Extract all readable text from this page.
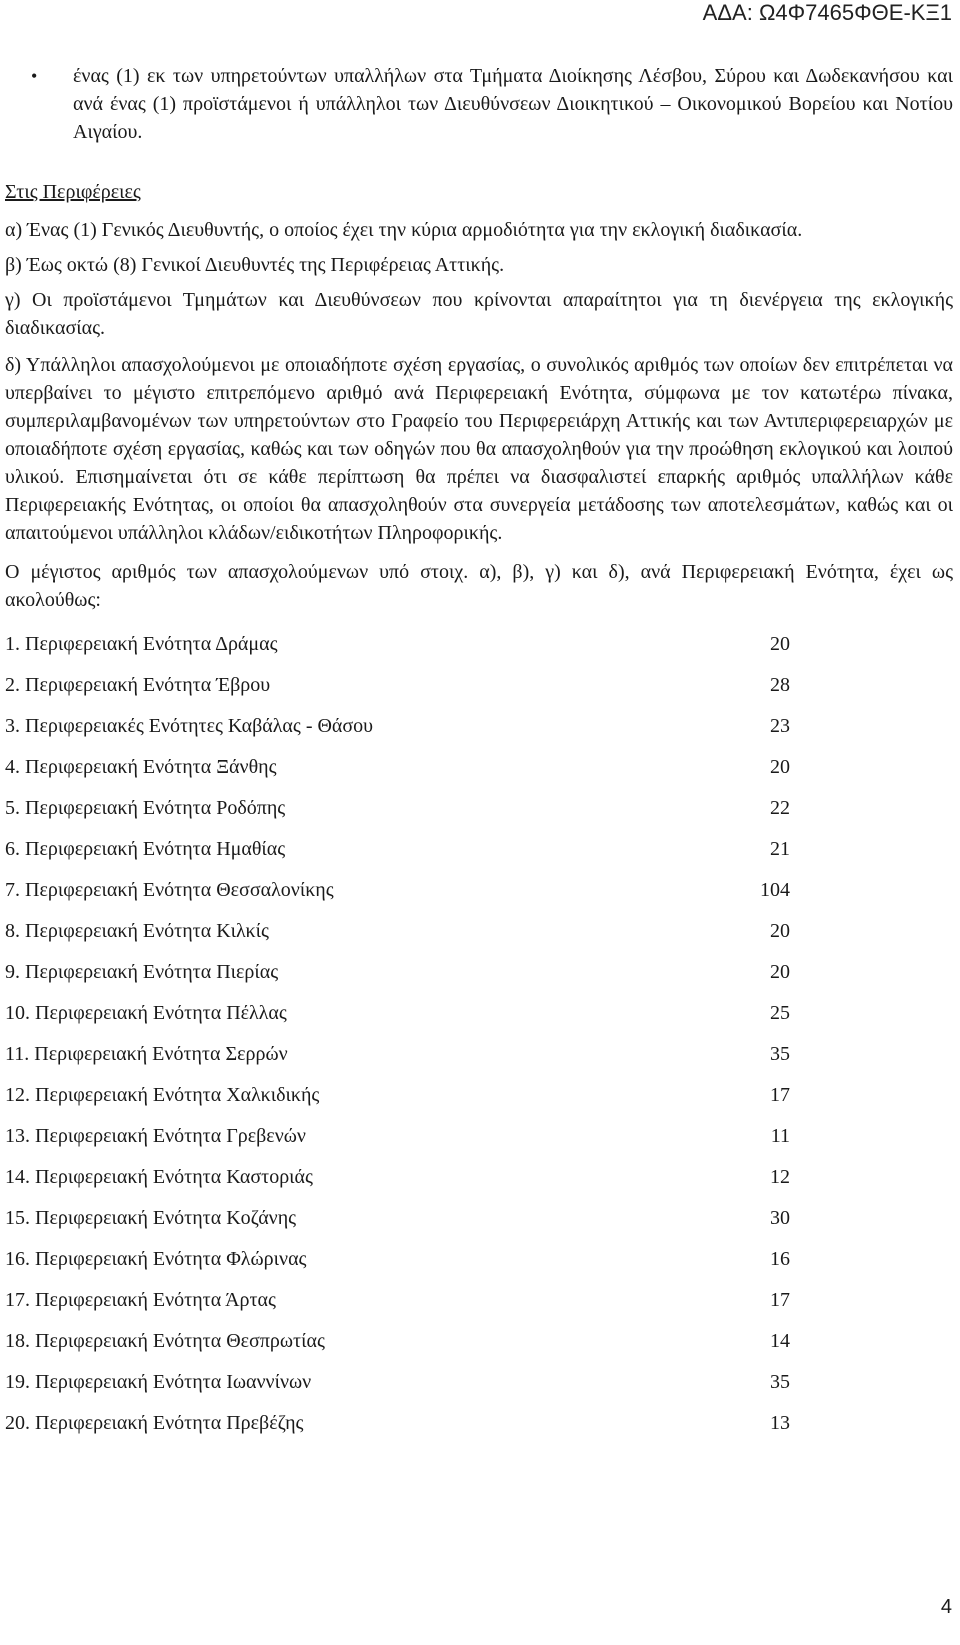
ΑΔΑ: Ω4Φ7465ΦΘΕ-ΚΞ1
•	ένας (1) εκ των υπηρετούντων υπαλλήλων στα Τμήματα Διοίκησης Λέσβου, Σύρου και Δωδεκανήσου και ανά ένας (1) προϊστάμενοι ή υπάλληλοι των Διευθύνσεων Διοικητικού – Οικονομικού Βορείου και Νοτίου Αιγαίου.
Στις Περιφέρειες

α) Ένας (1) Γενικός Διευθυντής, ο οποίος έχει την κύρια αρμοδιότητα για την εκλογική διαδικασία.

β) Έως οκτώ (8) Γενικοί Διευθυντές της Περιφέρειας Αττικής.

γ) Οι προϊστάμενοι Τμημάτων και Διευθύνσεων που κρίνονται απαραίτητοι για τη διενέργεια της εκλογικής διαδικασίας.

δ) Υπάλληλοι απασχολούμενοι με οποιαδήποτε σχέση εργασίας, ο συνολικός αριθμός των οποίων δεν επιτρέπεται να υπερβαίνει το μέγιστο επιτρεπόμενο αριθμό ανά Περιφερειακή Ενότητα, σύμφωνα με τον κατωτέρω πίνακα, συμπεριλαμβανομένων των υπηρετούντων στο Γραφείο του Περιφερειάρχη Αττικής και των Αντιπεριφερειαρχών με οποιαδήποτε σχέση εργασίας, καθώς και των οδηγών που θα απασχοληθούν για την προώθηση εκλογικού και λοιπού υλικού. Επισημαίνεται ότι σε κάθε περίπτωση θα πρέπει να διασφαλιστεί επαρκής αριθμός υπαλλήλων κάθε Περιφερειακής Ενότητας, οι οποίοι θα απασχοληθούν στα συνεργεία μετάδοσης των αποτελεσμάτων, καθώς και οι απαιτούμενοι υπάλληλοι κλάδων/ειδικοτήτων Πληροφορικής.

Ο μέγιστος αριθμός των απασχολούμενων υπό στοιχ. α), β), γ) και δ), ανά Περιφερειακή Ενότητα, έχει ως ακολούθως:

1. Περιφερειακή Ενότητα Δράμας	20
2. Περιφερειακή Ενότητα Έβρου	28
3. Περιφερειακές Ενότητες Καβάλας - Θάσου	23
4. Περιφερειακή Ενότητα Ξάνθης	20
5. Περιφερειακή Ενότητα Ροδόπης	22
6. Περιφερειακή Ενότητα Ημαθίας	21
7. Περιφερειακή Ενότητα Θεσσαλονίκης	104
8. Περιφερειακή Ενότητα Κιλκίς	20
9. Περιφερειακή Ενότητα Πιερίας	20
10. Περιφερειακή Ενότητα Πέλλας	25
11. Περιφερειακή Ενότητα Σερρών	35
12. Περιφερειακή Ενότητα Χαλκιδικής	17
13. Περιφερειακή Ενότητα Γρεβενών	11
14. Περιφερειακή Ενότητα Καστοριάς	12
15. Περιφερειακή Ενότητα Κοζάνης	30
16. Περιφερειακή Ενότητα Φλώρινας	16
17. Περιφερειακή Ενότητα Άρτας	17
18. Περιφερειακή Ενότητα Θεσπρωτίας	14
19. Περιφερειακή Ενότητα Ιωαννίνων	35
20. Περιφερειακή Ενότητα Πρεβέζης	13
4
